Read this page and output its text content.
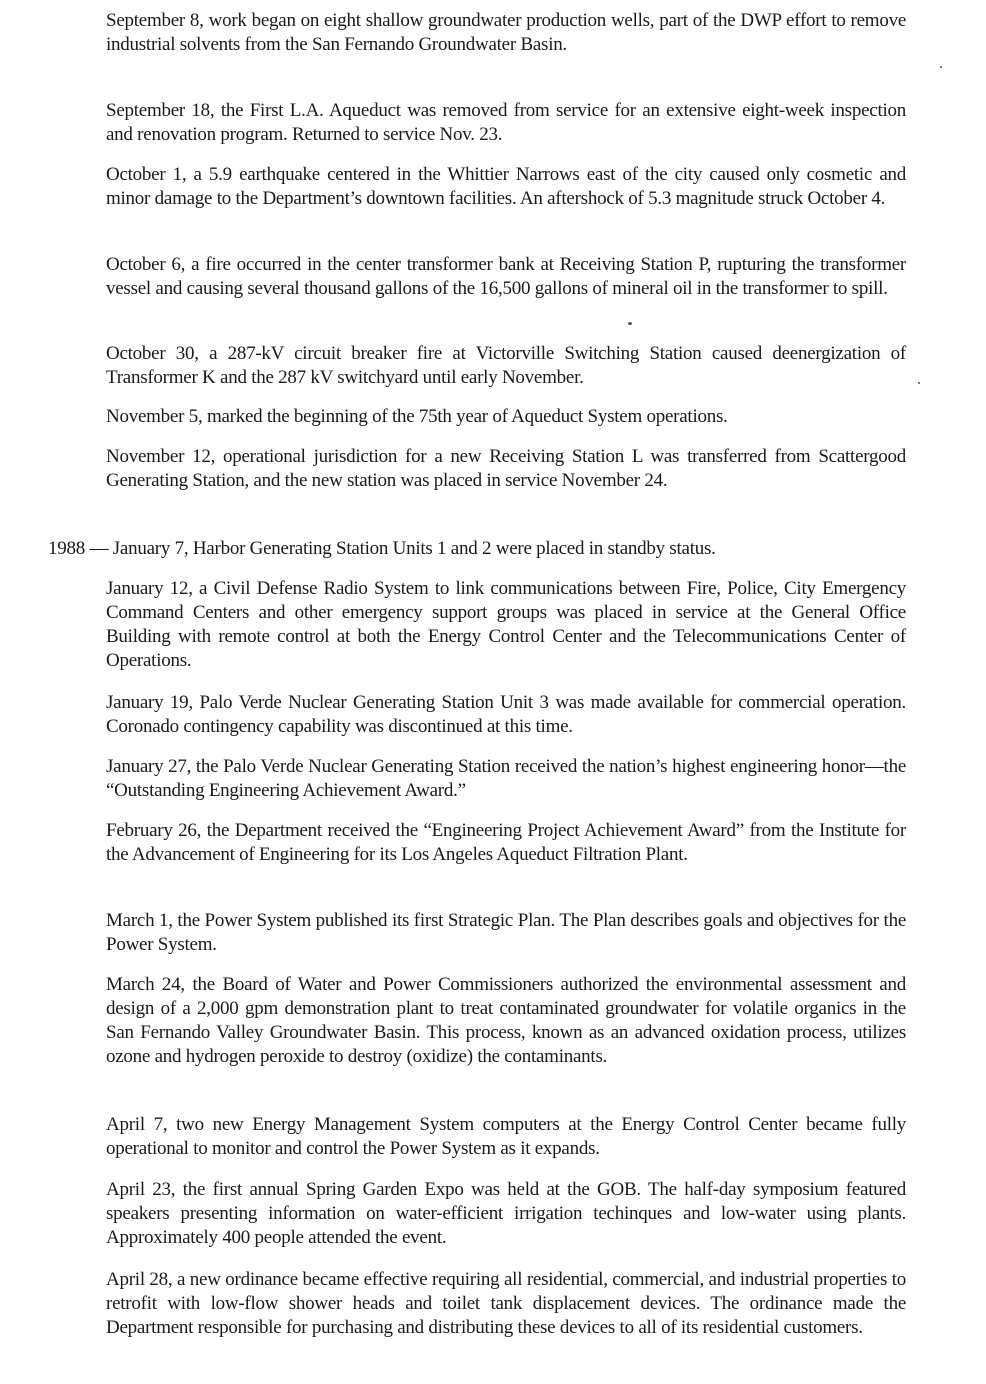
September 8, work began on eight shallow groundwater production wells, part of the DWP effort to remove industrial solvents from the San Fernando Groundwater Basin.

September 18, the First L.A. Aqueduct was removed from service for an extensive eight-week inspection and renovation program. Returned to service Nov. 23.

October 1, a 5.9 earthquake centered in the Whittier Narrows east of the city caused only cosmetic and minor damage to the Department’s downtown facilities. An aftershock of 5.3 magnitude struck October 4.

October 6, a fire occurred in the center transformer bank at Receiving Station P, rupturing the transformer vessel and causing several thousand gallons of the 16,500 gallons of mineral oil in the transformer to spill.

October 30, a 287-kV circuit breaker fire at Victorville Switching Station caused deenergization of Transformer K and the 287 kV switchyard until early November.

November 5, marked the beginning of the 75th year of Aqueduct System operations.

November 12, operational jurisdiction for a new Receiving Station L was transferred from Scattergood Generating Station, and the new station was placed in service November 24.

1988 — January 7, Harbor Generating Station Units 1 and 2 were placed in standby status.

January 12, a Civil Defense Radio System to link communications between Fire, Police, City Emergency Command Centers and other emergency support groups was placed in service at the General Office Building with remote control at both the Energy Control Center and the Telecommunications Center of Operations.

January 19, Palo Verde Nuclear Generating Station Unit 3 was made available for commercial operation. Coronado contingency capability was discontinued at this time.

January 27, the Palo Verde Nuclear Generating Station received the nation’s highest engineering honor—the “Outstanding Engineering Achievement Award.”

February 26, the Department received the “Engineering Project Achievement Award” from the Institute for the Advancement of Engineering for its Los Angeles Aqueduct Filtration Plant.

March 1, the Power System published its first Strategic Plan. The Plan describes goals and objectives for the Power System.

March 24, the Board of Water and Power Commissioners authorized the environmental assessment and design of a 2,000 gpm demonstration plant to treat contaminated groundwater for volatile organics in the San Fernando Valley Groundwater Basin. This process, known as an advanced oxidation process, utilizes ozone and hydrogen peroxide to destroy (oxidize) the contaminants.

April 7, two new Energy Management System computers at the Energy Control Center became fully operational to monitor and control the Power System as it expands.

April 23, the first annual Spring Garden Expo was held at the GOB. The half-day symposium featured speakers presenting information on water-efficient irrigation techinques and low-water using plants. Approximately 400 people attended the event.

April 28, a new ordinance became effective requiring all residential, commercial, and industrial properties to retrofit with low-flow shower heads and toilet tank displacement devices. The ordinance made the Department responsible for purchasing and distributing these devices to all of its residential customers.
